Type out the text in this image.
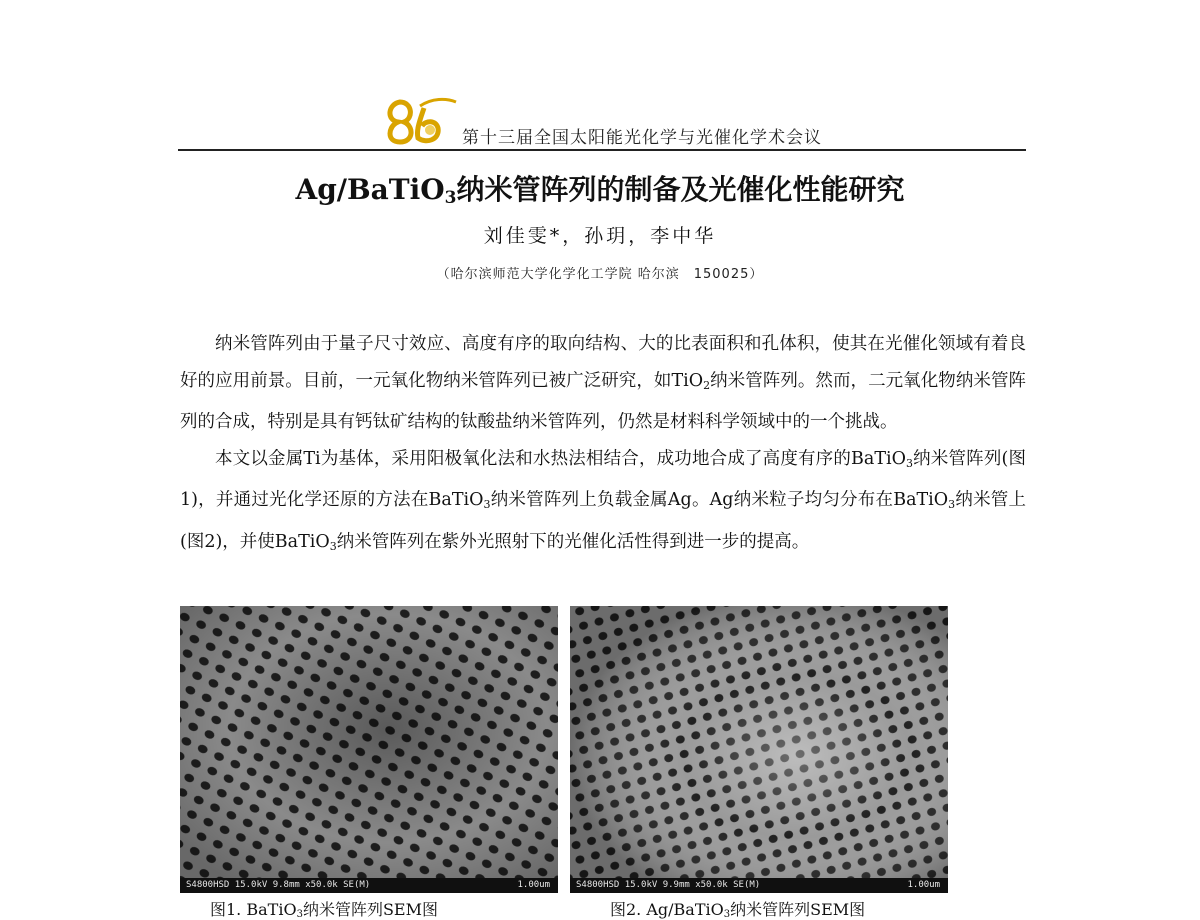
第十三届全国太阳能光化学与光催化学术会议
Ag/BaTiO$_3$纳米管阵列的制备及光催化性能研究
刘佳雯*，孙玥，李中华
（哈尔滨师范大学化学化工学院 哈尔滨　150025）

纳米管阵列由于量子尺寸效应、高度有序的取向结构、大的比表面积和孔体积，使其在光催化领域有着良好的应用前景。目前，一元氧化物纳米管阵列已被广泛研究，如TiO$_2$纳米管阵列。然而，二元氧化物纳米管阵列的合成，特别是具有钙钛矿结构的钛酸盐纳米管阵列，仍然是材料科学领域中的一个挑战。

本文以金属Ti为基体，采用阳极氧化法和水热法相结合，成功地合成了高度有序的BaTiO$_3$纳米管阵列(图1)，并通过光化学还原的方法在BaTiO$_3$纳米管阵列上负载金属Ag。Ag纳米粒子均匀分布在BaTiO$_3$纳米管上(图2)，并使BaTiO$_3$纳米管阵列在紫外光照射下的光催化活性得到进一步的提高。

S4800HSD 15.0kV 9.8mm x50.0k SE(M)	1.00um	S4800HSD 15.0kV 9.9mm x50.0k SE(M)	1.00um
图1. BaTiO$_3$纳米管阵列SEM图	图2. Ag/BaTiO$_3$纳米管阵列SEM图
